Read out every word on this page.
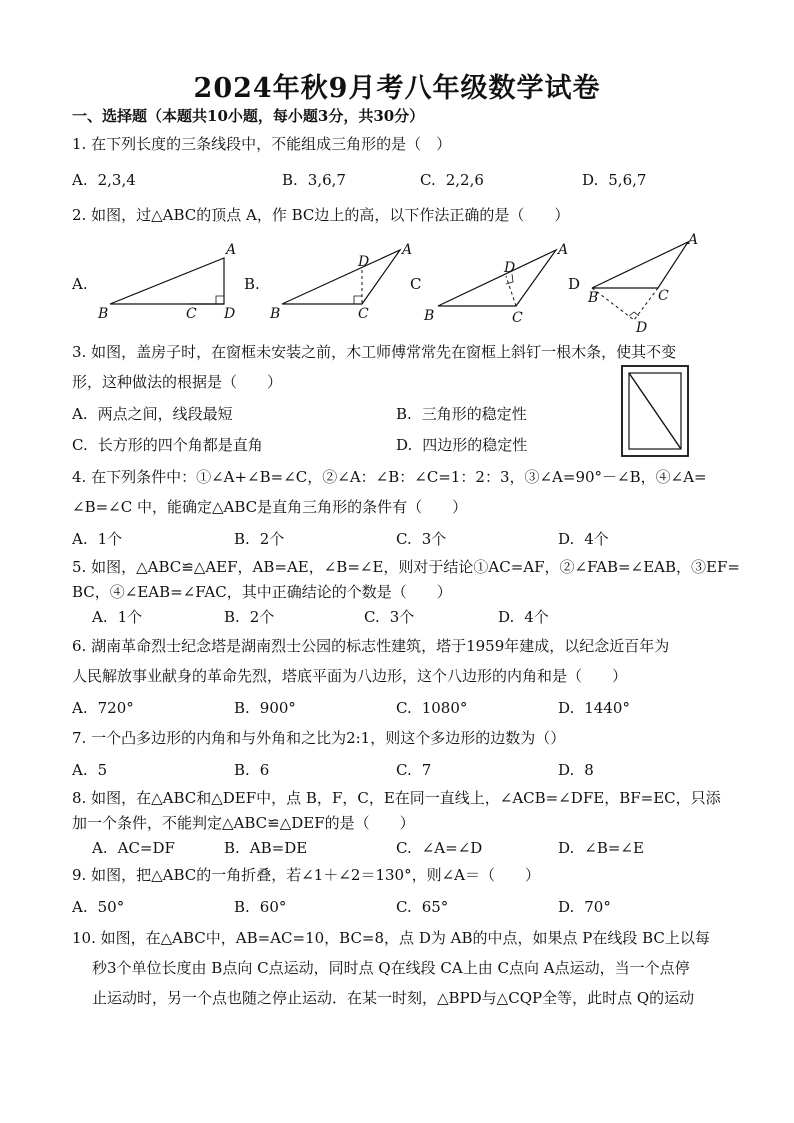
2024年秋9月考八年级数学试卷
一、选择题（本题共10小题，每小题3分，共30分）
1. 在下列长度的三条线段中，不能组成三角形的是（　）
A. 2,3,4	B. 3,6,7	C. 2,2,6	D. 5,6,7
2. 如图，过△ABC的顶点 A，作 BC边上的高，以下作法正确的是（　　）
A.	B.	C	D
A
B	C D
A
D
B	C
A
D
B	C
A
B	C
D
3. 如图，盖房子时，在窗框未安装之前，木工师傅常常先在窗框上斜钉一根木条，使其不变
形，这种做法的根据是（　　）
A. 两点之间，线段最短	B. 三角形的稳定性
C. 长方形的四个角都是直角	D. 四边形的稳定性
4. 在下列条件中：①∠A+∠B=∠C，②∠A：∠B：∠C=1：2：3，③∠A=90°－∠B，④∠A=
∠B=∠C 中，能确定△ABC是直角三角形的条件有（　　）
A. 1个	B. 2个	C. 3个	D. 4个
5. 如图，△ABC≌△AEF，AB=AE，∠B=∠E，则对于结论①AC=AF，②∠FAB=∠EAB，③EF=
BC，④∠EAB=∠FAC，其中正确结论的个数是（　　）
A. 1个	B. 2个	C. 3个	D. 4个
6. 湖南革命烈士纪念塔是湖南烈士公园的标志性建筑，塔于1959年建成，以纪念近百年为
人民解放事业献身的革命先烈，塔底平面为八边形，这个八边形的内角和是（　　）
A. 720°	B. 900°	C. 1080°	D. 1440°
7. 一个凸多边形的内角和与外角和之比为2:1，则这个多边形的边数为（）
A. 5	B. 6	C. 7	D. 8
8. 如图，在△ABC和△DEF中，点 B，F，C，E在同一直线上，∠ACB=∠DFE，BF=EC，只添
加一个条件，不能判定△ABC≌△DEF的是（　　）
A. AC=DF	B. AB=DE	C. ∠A=∠D	D. ∠B=∠E
9. 如图，把△ABC的一角折叠，若∠1＋∠2＝130°，则∠A＝（　　）
A. 50°	B. 60°	C. 65°	D. 70°
10. 如图，在△ABC中，AB=AC=10，BC=8，点 D为 AB的中点，如果点 P在线段 BC上以每
秒3个单位长度由 B点向 C点运动，同时点 Q在线段 CA上由 C点向 A点运动，当一个点停
止运动时，另一个点也随之停止运动．在某一时刻，△BPD与△CQP全等，此时点 Q的运动
